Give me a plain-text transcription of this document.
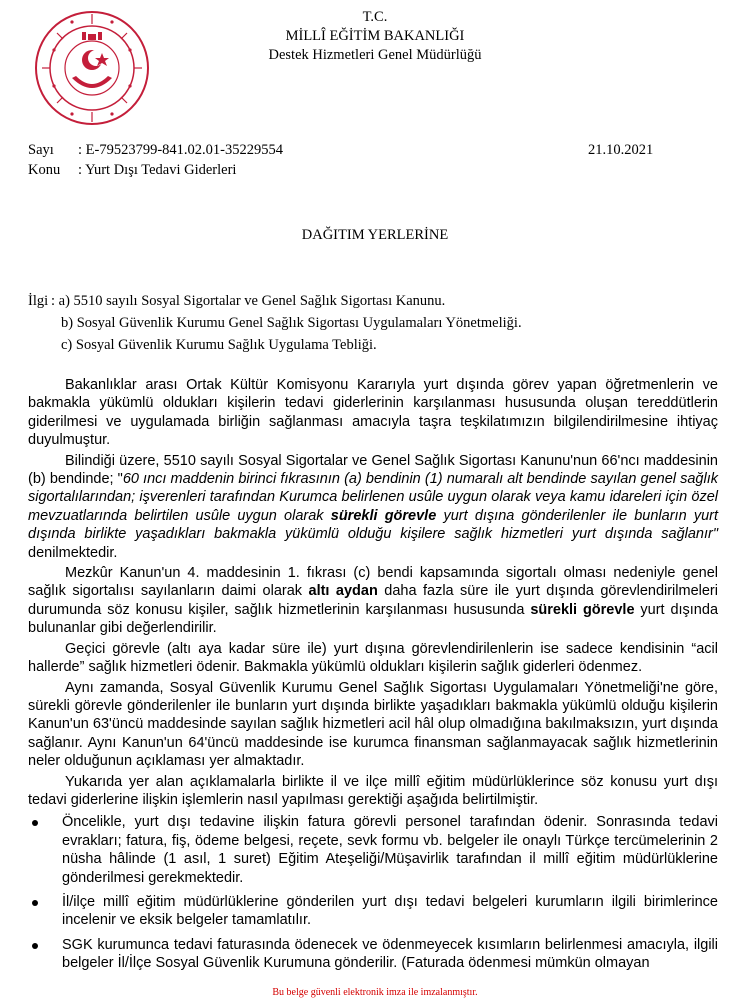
T.C.
MİLLÎ EĞİTİM BAKANLIĞI
Destek Hizmetleri Genel Müdürlüğü
Sayı : E-79523799-841.02.01-35229554	21.10.2021
Konu : Yurt Dışı Tedavi Giderleri
DAĞITIM YERLERİNE
İlgi : a) 5510 sayılı Sosyal Sigortalar ve Genel Sağlık Sigortası Kanunu.
b) Sosyal Güvenlik Kurumu Genel Sağlık Sigortası Uygulamaları Yönetmeliği.
c) Sosyal Güvenlik Kurumu Sağlık Uygulama Tebliği.

Bakanlıklar arası Ortak Kültür Komisyonu Kararıyla yurt dışında görev yapan öğretmenlerin ve bakmakla yükümlü oldukları kişilerin tedavi giderlerinin karşılanması hususunda oluşan tereddütlerin giderilmesi ve uygulamada birliğin sağlanması amacıyla taşra teşkilatımızın bilgilendirilmesine ihtiyaç duyulmuştur.

Bilindiği üzere, 5510 sayılı Sosyal Sigortalar ve Genel Sağlık Sigortası Kanunu'nun 66'ncı maddesinin (b) bendinde; "60 ıncı maddenin birinci fıkrasının (a) bendinin (1) numaralı alt bendinde sayılan genel sağlık sigortalılarından; işverenleri tarafından Kurumca belirlenen usûle uygun olarak veya kamu idareleri için özel mevzuatlarında belirtilen usûle uygun olarak sürekli görevle yurt dışına gönderilenler ile bunların yurt dışında birlikte yaşadıkları bakmakla yükümlü olduğu kişilere sağlık hizmetleri yurt dışında sağlanır" denilmektedir.

Mezkûr Kanun'un 4. maddesinin 1. fıkrası (c) bendi kapsamında sigortalı olması nedeniyle genel sağlık sigortalısı sayılanların daimi olarak altı aydan daha fazla süre ile yurt dışında görevlendirilmeleri durumunda söz konusu kişiler, sağlık hizmetlerinin karşılanması hususunda sürekli görevle yurt dışında bulunanlar gibi değerlendirilir.

Geçici görevle (altı aya kadar süre ile) yurt dışına görevlendirilenlerin ise sadece kendisinin “acil hallerde” sağlık hizmetleri ödenir. Bakmakla yükümlü oldukları kişilerin sağlık giderleri ödenmez.

Aynı zamanda, Sosyal Güvenlik Kurumu Genel Sağlık Sigortası Uygulamaları Yönetmeliği'ne göre, sürekli görevle gönderilenler ile bunların yurt dışında birlikte yaşadıkları bakmakla yükümlü olduğu kişilerin Kanun'un 63'üncü maddesinde sayılan sağlık hizmetleri acil hâl olup olmadığına bakılmaksızın, yurt dışında sağlanır. Aynı Kanun'un 64'üncü maddesinde ise kurumca finansman sağlanmayacak sağlık hizmetlerinin neler olduğunun açıklaması yer almaktadır.

Yukarıda yer alan açıklamalarla birlikte il ve ilçe millî eğitim müdürlüklerince söz konusu yurt dışı tedavi giderlerine ilişkin işlemlerin nasıl yapılması gerektiği aşağıda belirtilmiştir.

Öncelikle, yurt dışı tedavine ilişkin fatura görevli personel tarafından ödenir. Sonrasında tedavi evrakları; fatura, fiş, ödeme belgesi, reçete, sevk formu vb. belgeler ile onaylı Türkçe tercümelerinin 2 nüsha hâlinde (1 asıl, 1 suret) Eğitim Ateşeliği/Müşavirlik tarafından il millî eğitim müdürlüklerine gönderilmesi gerekmektedir.
İl/ilçe millî eğitim müdürlüklerine gönderilen yurt dışı tedavi belgeleri kurumların ilgili birimlerince incelenir ve eksik belgeler tamamlatılır.
SGK kurumunca tedavi faturasında ödenecek ve ödenmeyecek kısımların belirlenmesi amacıyla, ilgili belgeler İl/İlçe Sosyal Güvenlik Kurumuna gönderilir. (Faturada ödenmesi mümkün olmayan
Bu belge güvenli elektronik imza ile imzalanmıştır.
